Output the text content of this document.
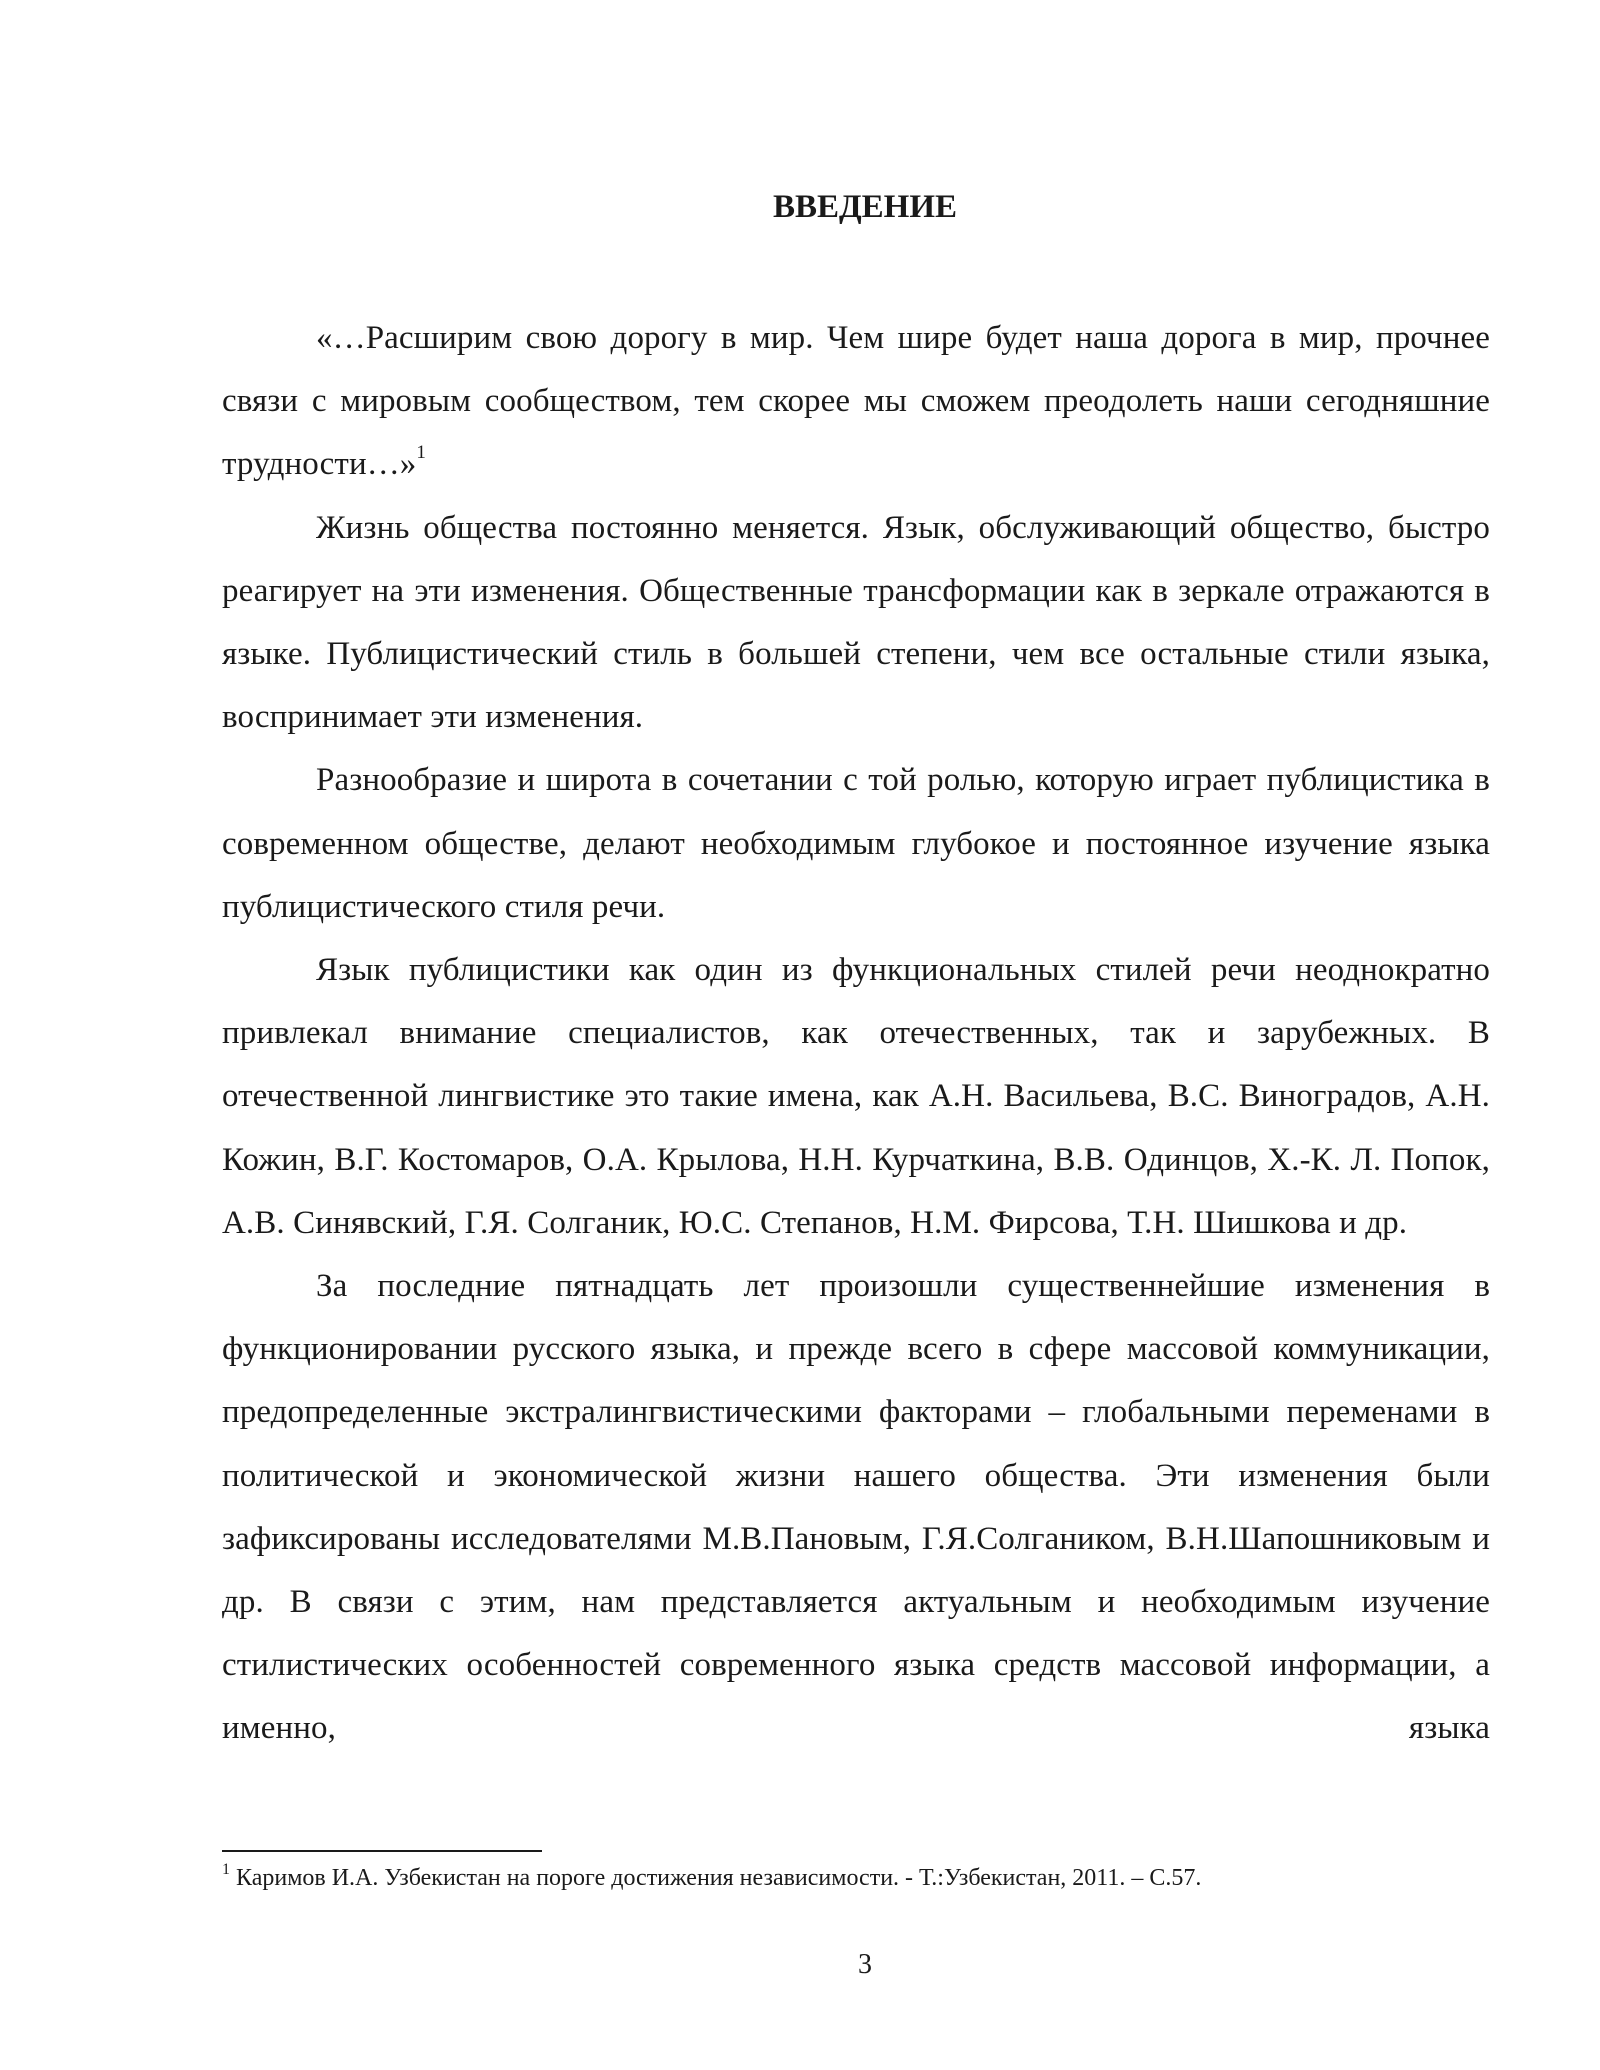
ВВЕДЕНИЕ

«…Расширим свою дорогу в мир. Чем шире будет наша дорога в мир, прочнее связи с мировым сообществом, тем скорее мы сможем преодолеть наши сегодняшние трудности…»$^1$

Жизнь общества постоянно меняется. Язык, обслуживающий общество, быстро реагирует на эти изменения. Общественные трансформации как в зеркале отражаются в языке. Публицистический стиль в большей степени, чем все остальные стили языка, воспринимает эти изменения.

Разнообразие и широта в сочетании с той ролью, которую играет публицистика в современном обществе, делают необходимым глубокое и постоянное изучение языка публицистического стиля речи.

Язык публицистики как один из функциональных стилей речи неоднократно привлекал внимание специалистов, как отечественных, так и зарубежных. В отечественной лингвистике это такие имена, как А.Н. Васильева, В.С. Виноградов, А.Н. Кожин, В.Г. Костомаров, О.А. Крылова, Н.Н. Курчаткина, В.В. Одинцов, Х.-К. Л. Попок, А.В. Синявский, Г.Я. Солганик, Ю.С. Степанов, Н.М. Фирсова, Т.Н. Шишкова и др.

За последние пятнадцать лет произошли существеннейшие изменения в функционировании русского языка, и прежде всего в сфере массовой коммуникации, предопределенные экстралингвистическими факторами – глобальными переменами в политической и экономической жизни нашего общества. Эти изменения были зафиксированы исследователями М.В.Пановым, Г.Я.Солгаником, В.Н.Шапошниковым и др. В связи с этим, нам представляется актуальным и необходимым изучение стилистических особенностей современного языка средств массовой информации, а именно, языка

$^1$ Каримов И.А. Узбекистан на пороге достижения независимости. - Т.:Узбекистан, 2011. – С.57.

3
